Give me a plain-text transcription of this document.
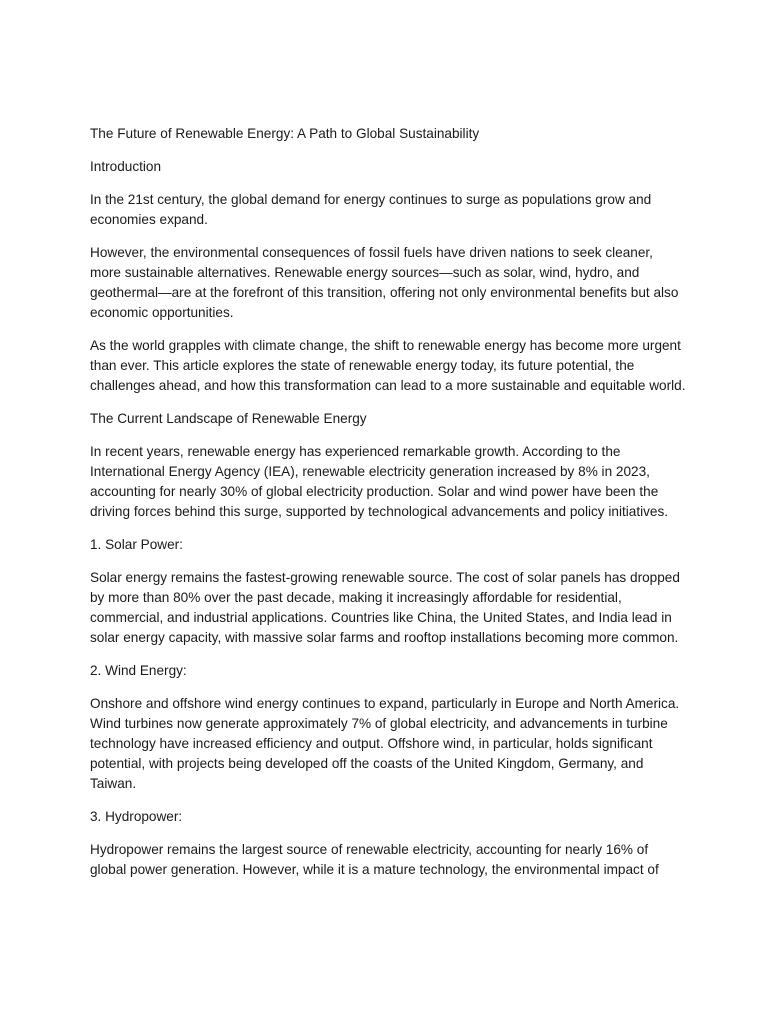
The Future of Renewable Energy: A Path to Global Sustainability

Introduction

In the 21st century, the global demand for energy continues to surge as populations grow and economies expand.

However, the environmental consequences of fossil fuels have driven nations to seek cleaner, more sustainable alternatives. Renewable energy sources—such as solar, wind, hydro, and geothermal—are at the forefront of this transition, offering not only environmental benefits but also economic opportunities.

As the world grapples with climate change, the shift to renewable energy has become more urgent than ever. This article explores the state of renewable energy today, its future potential, the challenges ahead, and how this transformation can lead to a more sustainable and equitable world.

The Current Landscape of Renewable Energy

In recent years, renewable energy has experienced remarkable growth. According to the International Energy Agency (IEA), renewable electricity generation increased by 8% in 2023, accounting for nearly 30% of global electricity production. Solar and wind power have been the driving forces behind this surge, supported by technological advancements and policy initiatives.

1. Solar Power:

Solar energy remains the fastest-growing renewable source. The cost of solar panels has dropped by more than 80% over the past decade, making it increasingly affordable for residential, commercial, and industrial applications. Countries like China, the United States, and India lead in solar energy capacity, with massive solar farms and rooftop installations becoming more common.

2. Wind Energy:

Onshore and offshore wind energy continues to expand, particularly in Europe and North America. Wind turbines now generate approximately 7% of global electricity, and advancements in turbine technology have increased efficiency and output. Offshore wind, in particular, holds significant potential, with projects being developed off the coasts of the United Kingdom, Germany, and Taiwan.

3. Hydropower:

Hydropower remains the largest source of renewable electricity, accounting for nearly 16% of global power generation. However, while it is a mature technology, the environmental impact of
